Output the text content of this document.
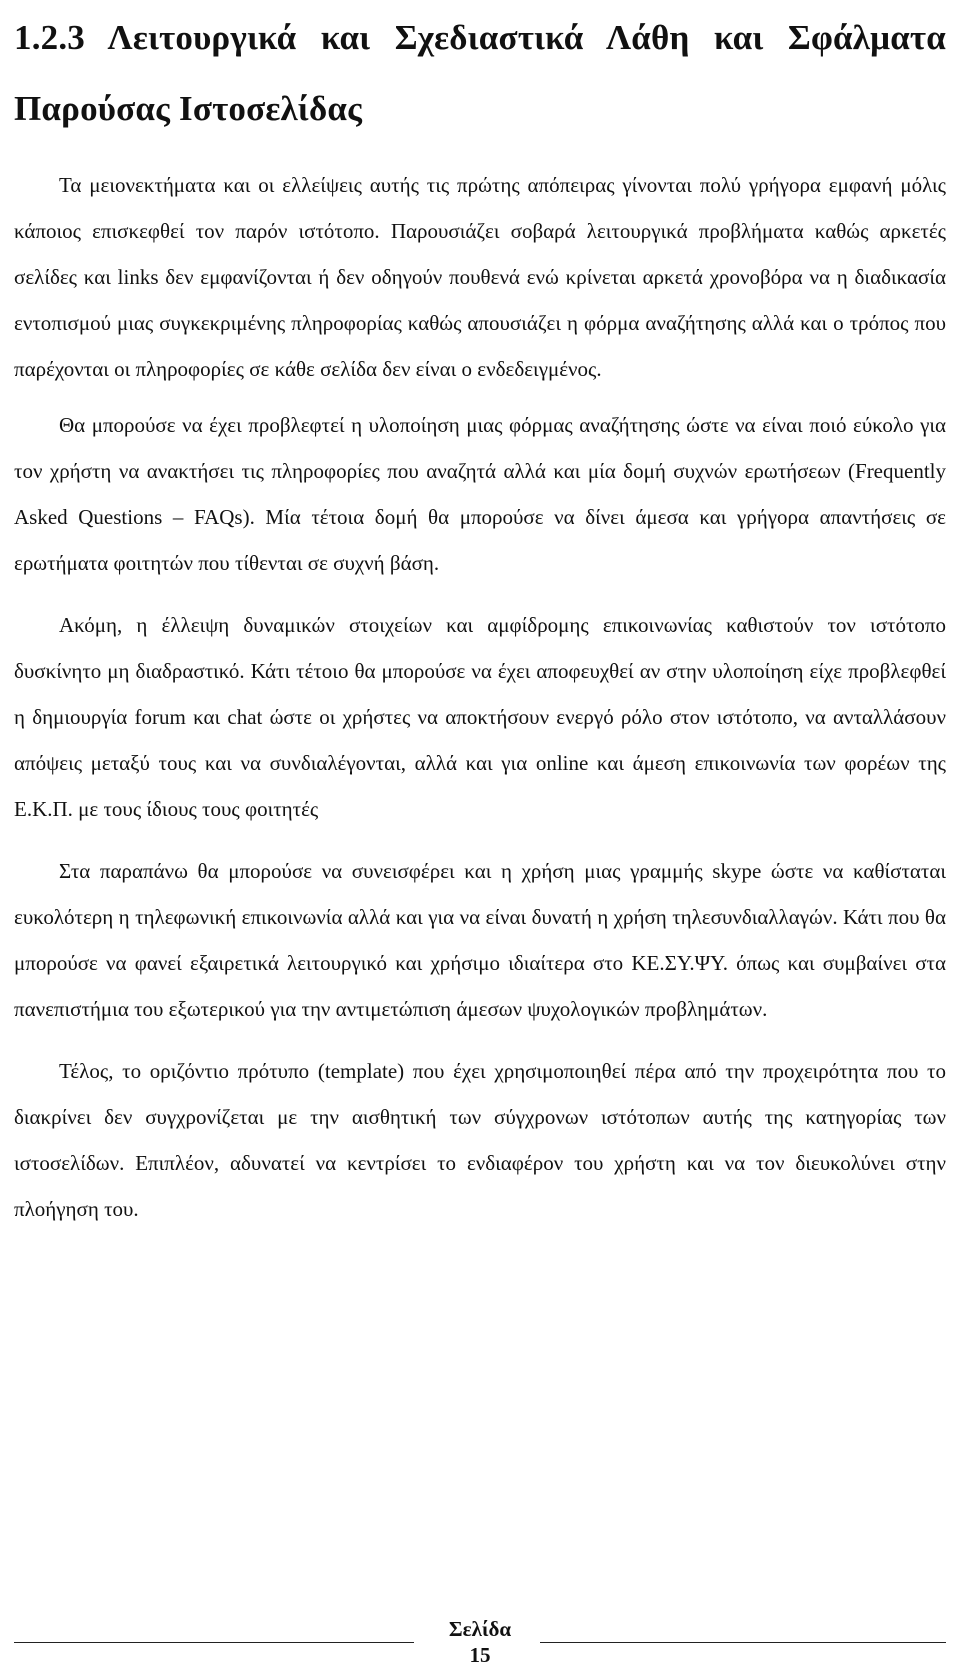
1.2.3 Λειτουργικά και Σχεδιαστικά Λάθη και Σφάλματα Παρούσας Ιστοσελίδας

Τα μειονεκτήματα και οι ελλείψεις αυτής τις πρώτης απόπειρας γίνονται πολύ γρήγορα εμφανή μόλις κάποιος επισκεφθεί τον παρόν ιστότοπο. Παρουσιάζει σοβαρά λειτουργικά προβλήματα καθώς αρκετές σελίδες και links δεν εμφανίζονται ή δεν οδηγούν πουθενά ενώ κρίνεται αρκετά χρονοβόρα να η διαδικασία εντοπισμού μιας συγκεκριμένης πληροφορίας καθώς απουσιάζει η φόρμα αναζήτησης αλλά και ο τρόπος που παρέχονται οι πληροφορίες σε κάθε σελίδα δεν είναι ο ενδεδειγμένος.

Θα μπορούσε να έχει προβλεφτεί η υλοποίηση μιας φόρμας αναζήτησης ώστε να είναι ποιό εύκολο για τον χρήστη να ανακτήσει τις πληροφορίες που αναζητά αλλά και μία δομή συχνών ερωτήσεων (Frequently Asked Questions – FAQs). Μία τέτοια δομή θα μπορούσε να δίνει άμεσα και γρήγορα απαντήσεις σε ερωτήματα φοιτητών που τίθενται σε συχνή βάση.

Ακόμη, η έλλειψη δυναμικών στοιχείων και αμφίδρομης επικοινωνίας καθιστούν τον ιστότοπο δυσκίνητο μη διαδραστικό. Κάτι τέτοιο θα μπορούσε να έχει αποφευχθεί αν στην υλοποίηση είχε προβλεφθεί η δημιουργία forum και chat ώστε οι χρήστες να αποκτήσουν ενεργό ρόλο στον ιστότοπο, να ανταλλάσουν απόψεις μεταξύ τους και να συνδιαλέγονται, αλλά και για online και άμεση επικοινωνία των φορέων της Ε.Κ.Π. με τους ίδιους τους φοιτητές

Στα παραπάνω θα μπορούσε να συνεισφέρει και η χρήση μιας γραμμής skype ώστε να καθίσταται ευκολότερη η τηλεφωνική επικοινωνία αλλά και για να είναι δυνατή η χρήση τηλεσυνδιαλλαγών. Κάτι που θα μπορούσε να φανεί εξαιρετικά λειτουργικό και χρήσιμο ιδιαίτερα στο ΚΕ.ΣΥ.ΨΥ. όπως και συμβαίνει στα πανεπιστήμια του εξωτερικού για την αντιμετώπιση άμεσων ψυχολογικών προβλημάτων.

Τέλος, το οριζόντιο πρότυπο (template) που έχει χρησιμοποιηθεί πέρα από την προχειρότητα που το διακρίνει δεν συγχρονίζεται με την αισθητική των σύγχρονων ιστότοπων αυτής της κατηγορίας των ιστοσελίδων. Επιπλέον, αδυνατεί να κεντρίσει το ενδιαφέρον του χρήστη και να τον διευκολύνει στην πλοήγηση του.

Σελίδα
15
